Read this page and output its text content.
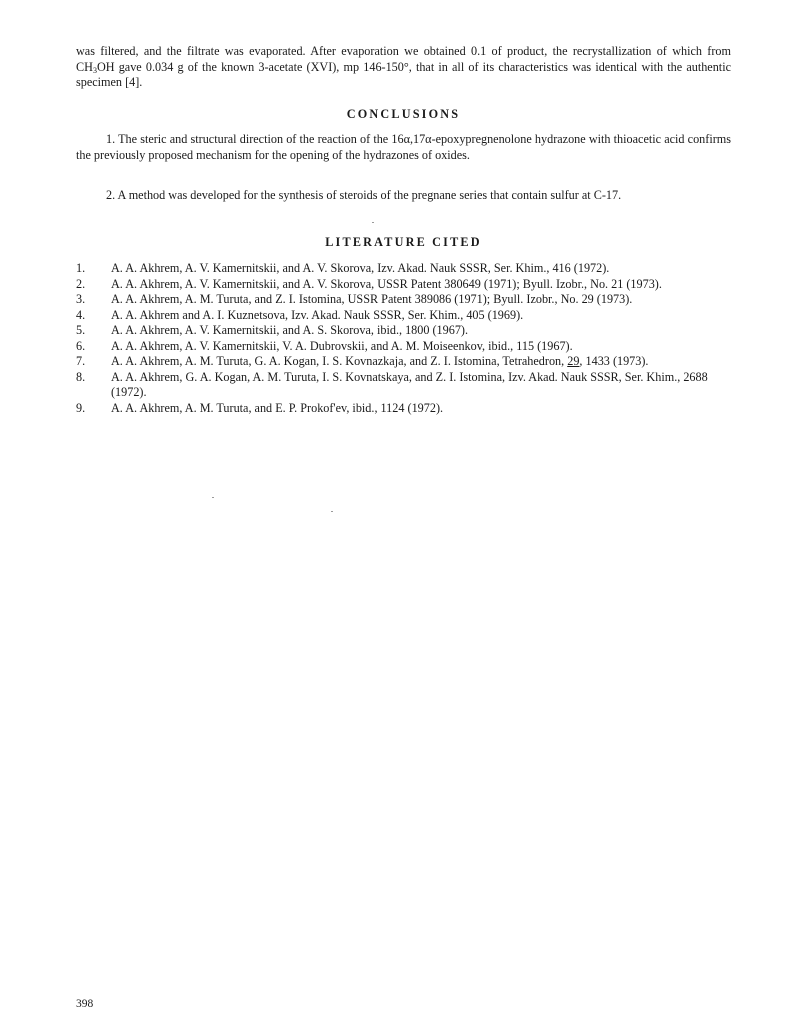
was filtered, and the filtrate was evaporated. After evaporation we obtained 0.1 of product, the recrystallization of which from $CH_3OH$ gave 0.034 g of the known 3-acetate (XVI), mp 146-150°, that in all of its characteristics was identical with the authentic specimen [4].

CONCLUSIONS

1. The steric and structural direction of the reaction of the 16α,17α-epoxypregnenolone hydrazone with thioacetic acid confirms the previously proposed mechanism for the opening of the hydrazones of oxides.

2. A method was developed for the synthesis of steroids of the pregnane series that contain sulfur at C-17.

LITERATURE CITED
1.	A. A. Akhrem, A. V. Kamernitskii, and A. V. Skorova, Izv. Akad. Nauk SSSR, Ser. Khim., 416 (1972).
2.	A. A. Akhrem, A. V. Kamernitskii, and A. V. Skorova, USSR Patent 380649 (1971); Byull. Izobr., No. 21 (1973).
3.	A. A. Akhrem, A. M. Turuta, and Z. I. Istomina, USSR Patent 389086 (1971); Byull. Izobr., No. 29 (1973).
4.	A. A. Akhrem and A. I. Kuznetsova, Izv. Akad. Nauk SSSR, Ser. Khim., 405 (1969).
5.	A. A. Akhrem, A. V. Kamernitskii, and A. S. Skorova, ibid., 1800 (1967).
6.	A. A. Akhrem, A. V. Kamernitskii, V. A. Dubrovskii, and A. M. Moiseenkov, ibid., 115 (1967).
7.	A. A. Akhrem, A. M. Turuta, G. A. Kogan, I. S. Kovnazkaja, and Z. I. Istomina, Tetrahedron, 29, 1433 (1973).
8.	A. A. Akhrem, G. A. Kogan, A. M. Turuta, I. S. Kovnatskaya, and Z. I. Istomina, Izv. Akad. Nauk SSSR, Ser. Khim., 2688 (1972).
9.	A. A. Akhrem, A. M. Turuta, and E. P. Prokof'ev, ibid., 1124 (1972).

398
